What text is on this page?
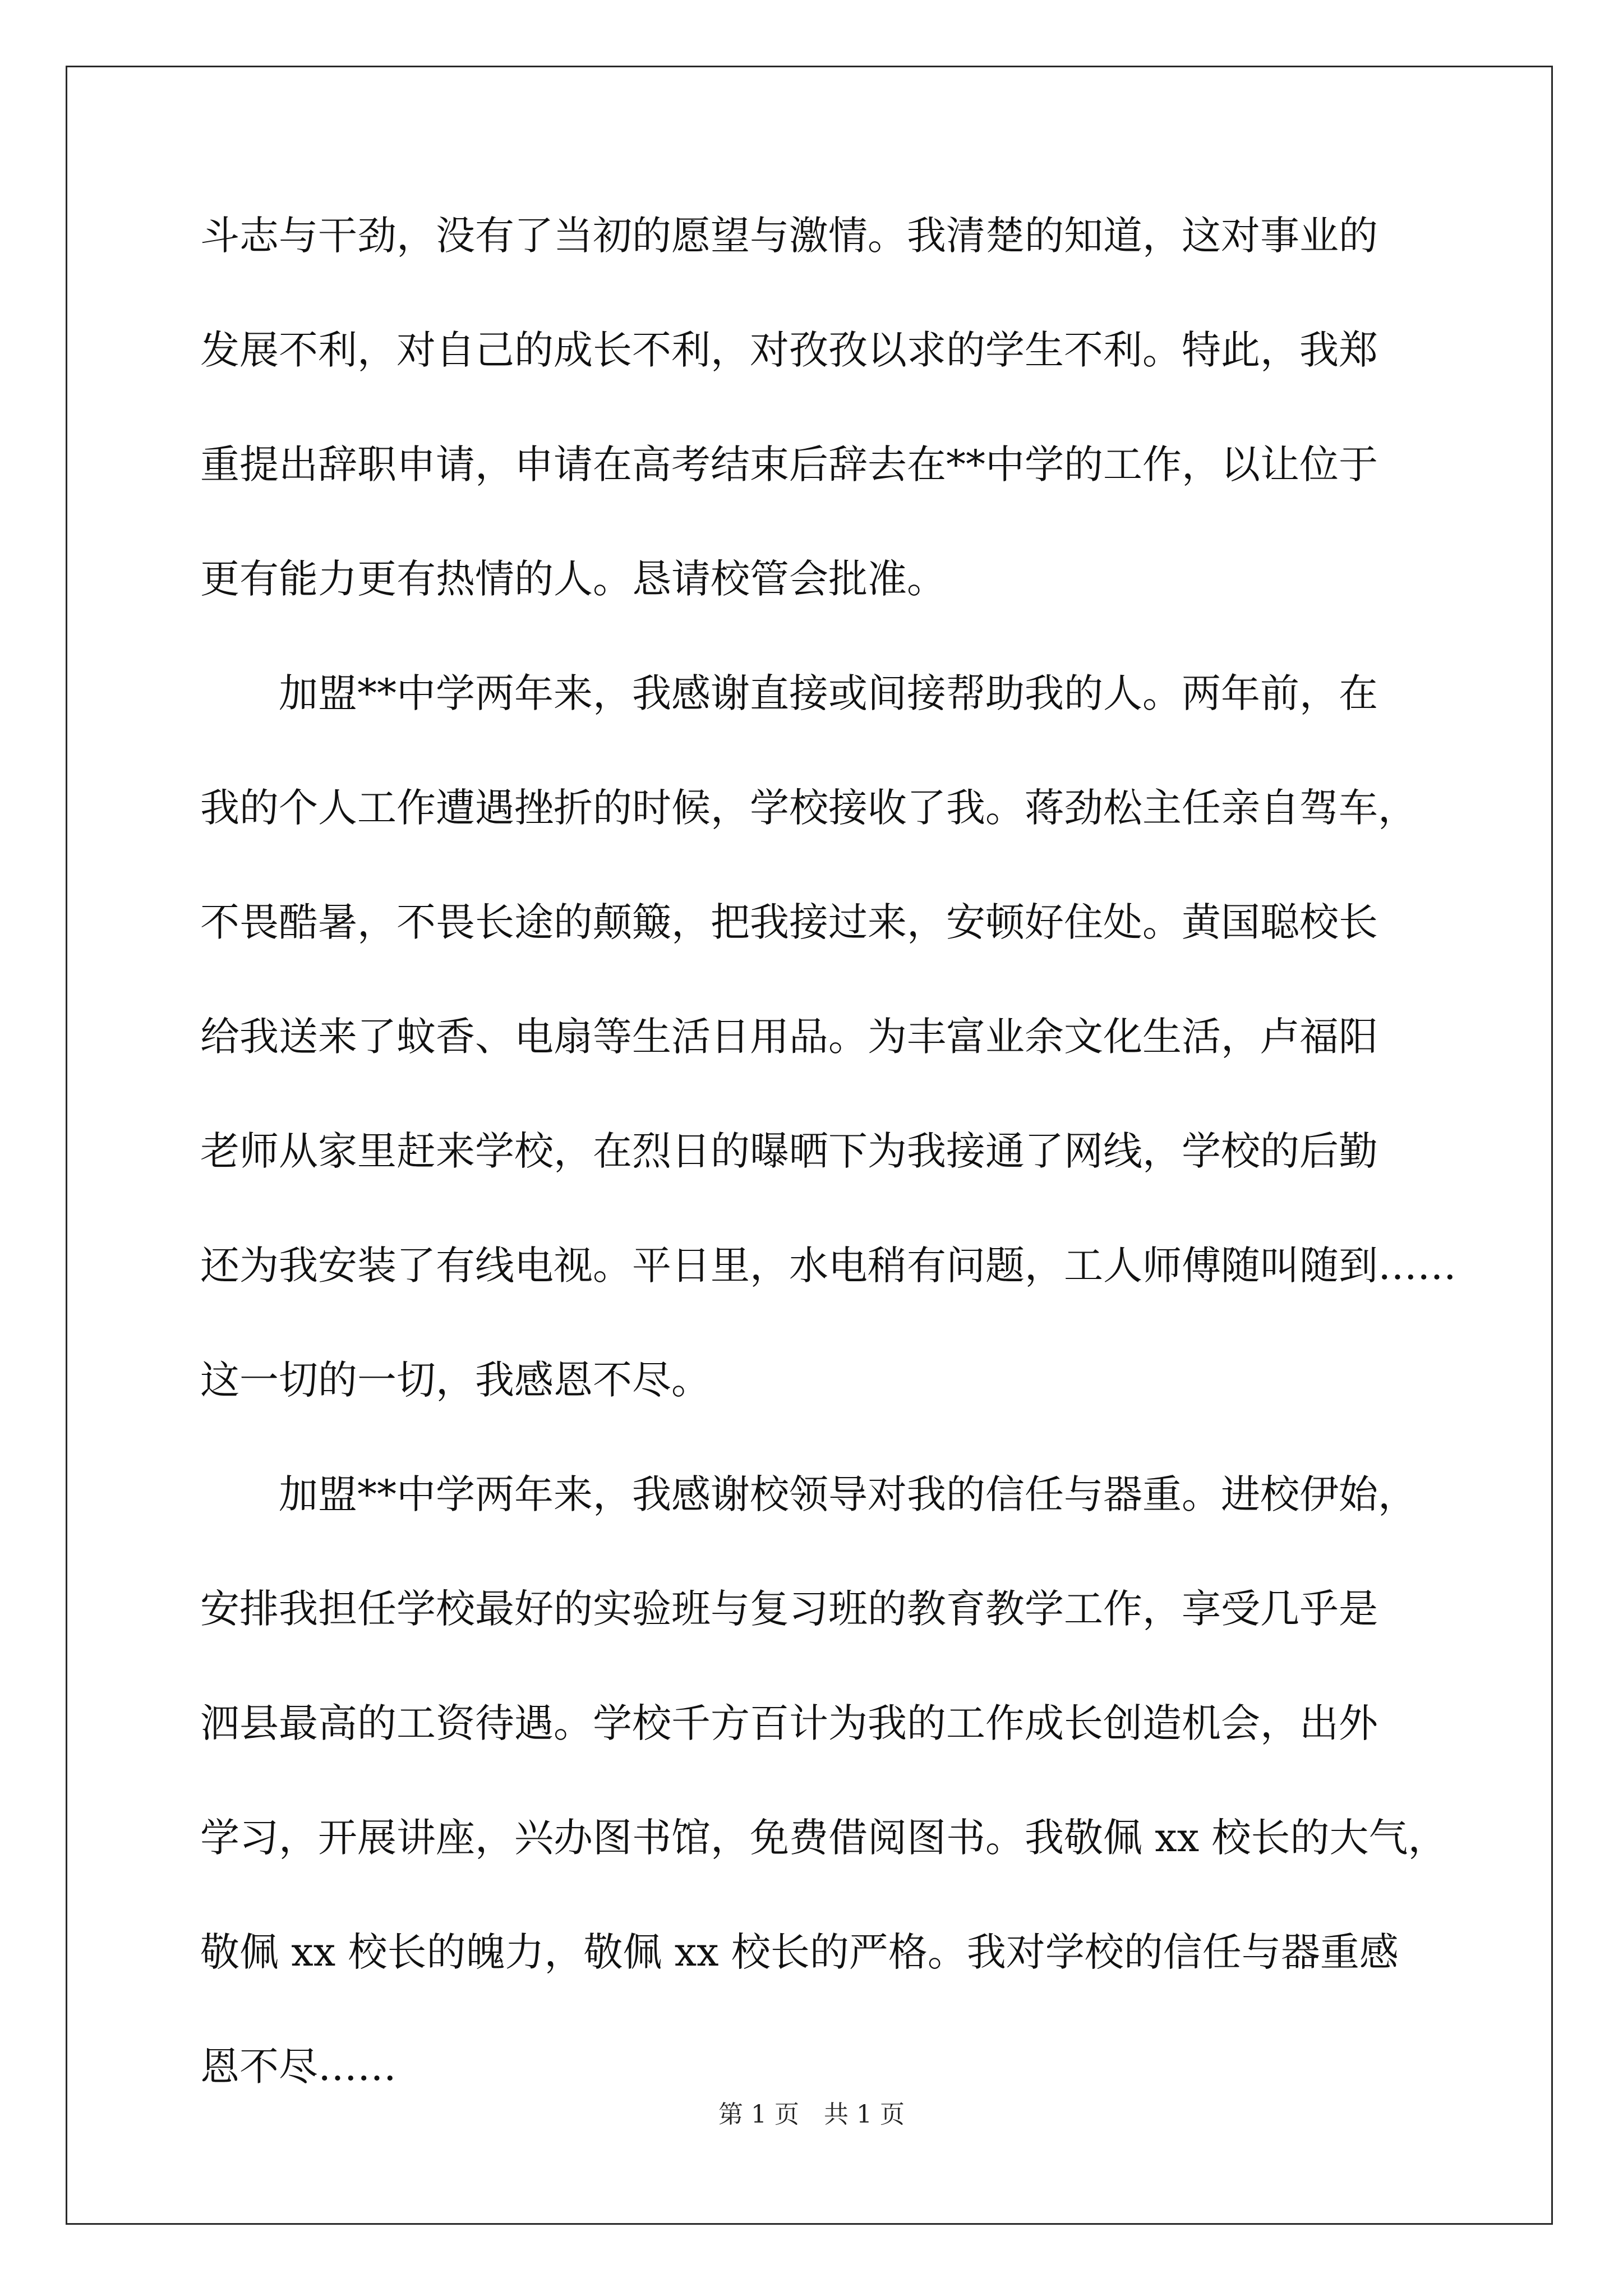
斗志与干劲，没有了当初的愿望与激情。我清楚的知道，这对事业的
发展不利，对自己的成长不利，对孜孜以求的学生不利。特此，我郑
重提出辞职申请，申请在高考结束后辞去在**中学的工作，以让位于
更有能力更有热情的人。恳请校管会批准。
　　加盟**中学两年来，我感谢直接或间接帮助我的人。两年前，在
我的个人工作遭遇挫折的时候，学校接收了我。蒋劲松主任亲自驾车，
不畏酷暑，不畏长途的颠簸，把我接过来，安顿好住处。黄国聪校长
给我送来了蚊香、电扇等生活日用品。为丰富业余文化生活，卢福阳
老师从家里赶来学校，在烈日的曝晒下为我接通了网线，学校的后勤
还为我安装了有线电视。平日里，水电稍有问题，工人师傅随叫随到……
这一切的一切，我感恩不尽。
　　加盟**中学两年来，我感谢校领导对我的信任与器重。进校伊始，
安排我担任学校最好的实验班与复习班的教育教学工作，享受几乎是
泗县最高的工资待遇。学校千方百计为我的工作成长创造机会，出外
学习，开展讲座，兴办图书馆，免费借阅图书。我敬佩 xx 校长的大气，
敬佩 xx 校长的魄力，敬佩 xx 校长的严格。我对学校的信任与器重感
恩不尽……
第 1 页　共 1 页
